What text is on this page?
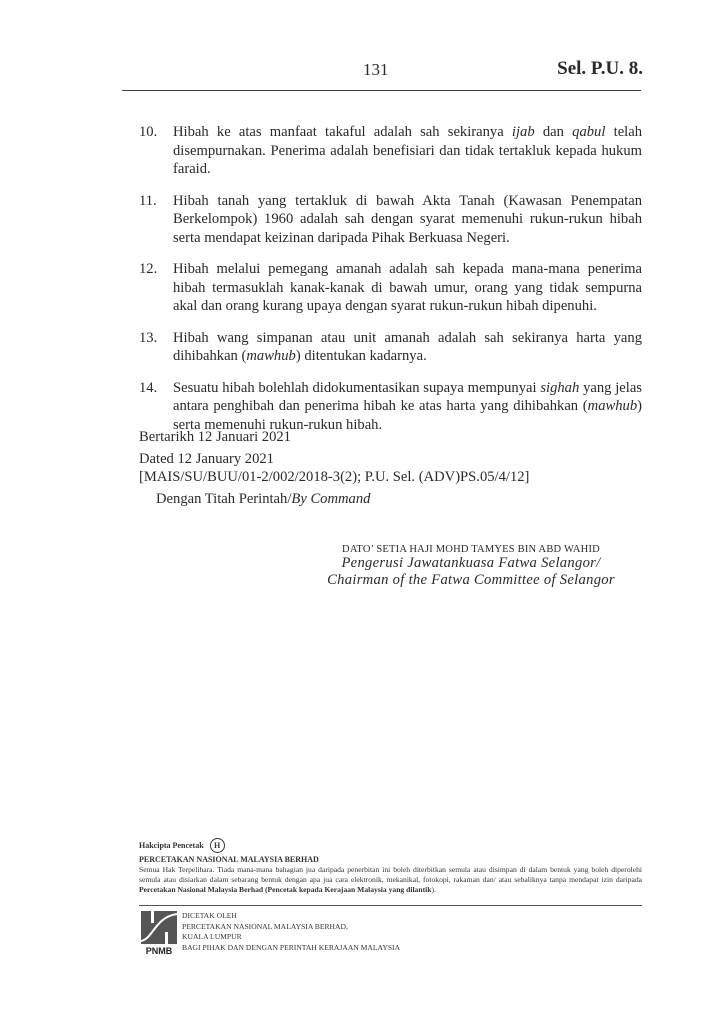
131	Sel. P.U. 8.
10.	Hibah ke atas manfaat takaful adalah sah sekiranya ijab dan qabul telah disempurnakan. Penerima adalah benefisiari dan tidak tertakluk kepada hukum faraid.
11.	Hibah tanah yang tertakluk di bawah Akta Tanah (Kawasan Penempatan Berkelompok) 1960 adalah sah dengan syarat memenuhi rukun-rukun hibah serta mendapat keizinan daripada Pihak Berkuasa Negeri.
12.	Hibah melalui pemegang amanah adalah sah kepada mana-mana penerima hibah termasuklah kanak-kanak di bawah umur, orang yang tidak sempurna akal dan orang kurang upaya dengan syarat rukun-rukun hibah dipenuhi.
13.	Hibah wang simpanan atau unit amanah adalah sah sekiranya harta yang dihibahkan (mawhub) ditentukan kadarnya.
14.	Sesuatu hibah bolehlah didokumentasikan supaya mempunyai sighah yang jelas antara penghibah dan penerima hibah ke atas harta yang dihibahkan (mawhub) serta memenuhi rukun-rukun hibah.
Bertarikh 12 Januari 2021
Dated 12 January 2021
[MAIS/SU/BUU/01-2/002/2018-3(2); P.U. Sel. (ADV)PS.05/4/12]
Dengan Titah Perintah/By Command
DATO’ SETIA HAJI MOHD TAMYES BIN ABD WAHID
Pengerusi Jawatankuasa Fatwa Selangor/
Chairman of the Fatwa Committee of Selangor
Hakcipta Pencetak	H
PERCETAKAN NASIONAL MALAYSIA BERHAD
Semua Hak Terpelihara. Tiada mana-mana bahagian jua daripada penerbitan ini boleh diterbitkan semula atau disimpan di dalam bentuk yang boleh diperolehi semula atau disiarkan dalam sebarang bentuk dengan apa jua cara elektronik, mekanikal, fotokopi, rakaman dan/ atau sebaliknya tanpa mendapat izin daripada Percetakan Nasional Malaysia Berhad (Pencetak kepada Kerajaan Malaysia yang dilantik).
PNMB
DICETAK OLEH
PERCETAKAN NASIONAL MALAYSIA BERHAD,
KUALA LUMPUR
BAGI PIHAK DAN DENGAN PERINTAH KERAJAAN MALAYSIA
